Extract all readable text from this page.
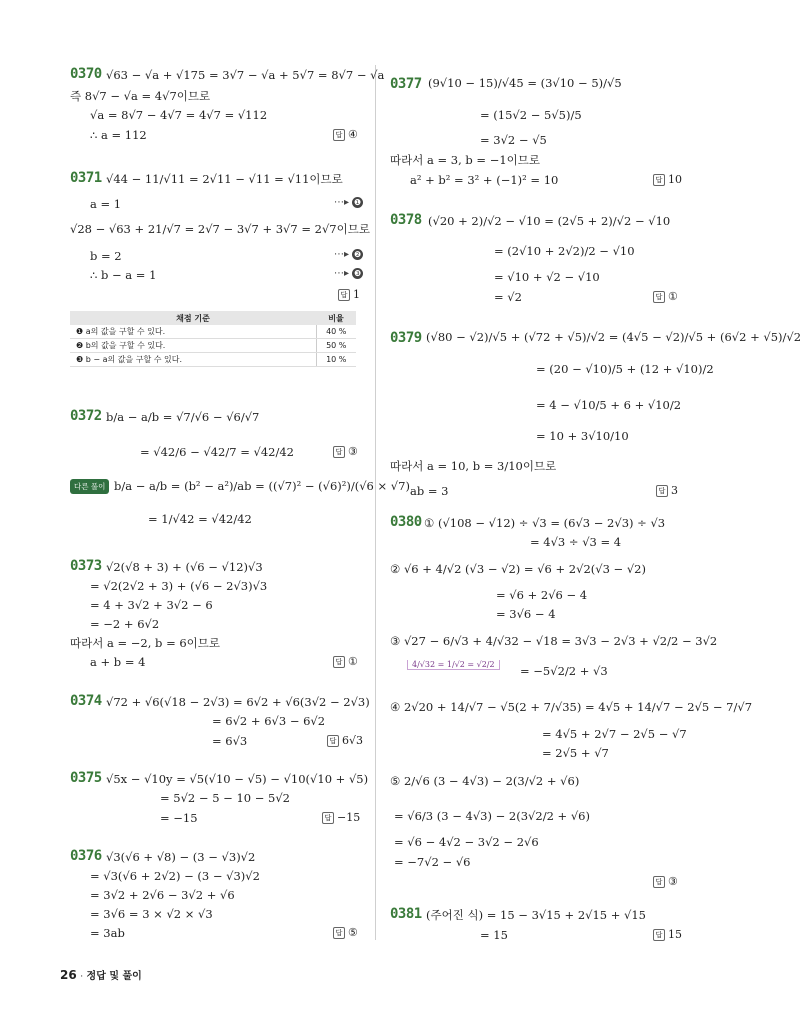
0370 √63 − √a + √175 = 3√7 − √a + 5√7 = 8√7 − √a
즉 8√7 − √a = 4√7이므로
√a = 8√7 − 4√7 = 4√7 = √112
∴ a = 112	답 ④
0371 √44 − 11/√11 = 2√11 − √11 = √11이므로
a = 1	⋯▸ ❶
√28 − √63 + 21/√7 = 2√7 − 3√7 + 3√7 = 2√7이므로
b = 2	⋯▸ ❷
∴ b − a = 1	⋯▸ ❸
답 1
채점 기준	비율
❶ a의 값을 구할 수 있다.	40 %
❷ b의 값을 구할 수 있다.	50 %
❸ b − a의 값을 구할 수 있다.	10 %
0372 b/a − a/b = √7/√6 − √6/√7
= √42/6 − √42/7 = √42/42	답 ③
다른 풀이 b/a − a/b = (b² − a²)/ab = ((√7)² − (√6)²)/(√6 × √7)
= 1/√42 = √42/42
0373 √2(√8 + 3) + (√6 − √12)√3
= √2(2√2 + 3) + (√6 − 2√3)√3
= 4 + 3√2 + 3√2 − 6
= −2 + 6√2
따라서 a = −2, b = 6이므로
a + b = 4	답 ①
0374 √72 + √6(√18 − 2√3) = 6√2 + √6(3√2 − 2√3)
= 6√2 + 6√3 − 6√2
= 6√3	답 6√3
0375 √5x − √10y = √5(√10 − √5) − √10(√10 + √5)
= 5√2 − 5 − 10 − 5√2
= −15	답 −15
0376 √3(√6 + √8) − (3 − √3)√2
= √3(√6 + 2√2) − (3 − √3)√2
= 3√2 + 2√6 − 3√2 + √6
= 3√6 = 3 × √2 × √3
= 3ab	답 ⑤
0377 (9√10 − 15)/√45 = (3√10 − 5)/√5
= (15√2 − 5√5)/5
= 3√2 − √5
따라서 a = 3, b = −1이므로
a² + b² = 3² + (−1)² = 10	답 10
0378 (√20 + 2)/√2 − √10 = (2√5 + 2)/√2 − √10
= (2√10 + 2√2)/2 − √10
= √10 + √2 − √10
= √2	답 ①
0379 (√80 − √2)/√5 + (√72 + √5)/√2 = (4√5 − √2)/√5 + (6√2 + √5)/√2
= (20 − √10)/5 + (12 + √10)/2
= 4 − √10/5 + 6 + √10/2
= 10 + 3√10/10
따라서 a = 10, b = 3/10이므로
ab = 3	답 3
0380 ① (√108 − √12) ÷ √3 = (6√3 − 2√3) ÷ √3
= 4√3 ÷ √3 = 4
② √6 + 4/√2 (√3 − √2) = √6 + 2√2(√3 − √2)
= √6 + 2√6 − 4
= 3√6 − 4
③ √27 − 6/√3 + 4/√32 − √18 = 3√3 − 2√3 + √2/2 − 3√2
= −5√2/2 + √3
④ 2√20 + 14/√7 − √5(2 + 7/√35) = 4√5 + 14/√7 − 2√5 − 7/√7
= 4√5 + 2√7 − 2√5 − √7
= 2√5 + √7
⑤ 2/√6 (3 − 4√3) − 2(3/√2 + √6)
= √6/3 (3 − 4√3) − 2(3√2/2 + √6)
= √6 − 4√2 − 3√2 − 2√6
= −7√2 − √6
답 ③
0381 (주어진 식) = 15 − 3√15 + 2√15 + √15
= 15	답 15
4/√32 = 1/√2 = √2/2
26 · 정답 및 풀이
